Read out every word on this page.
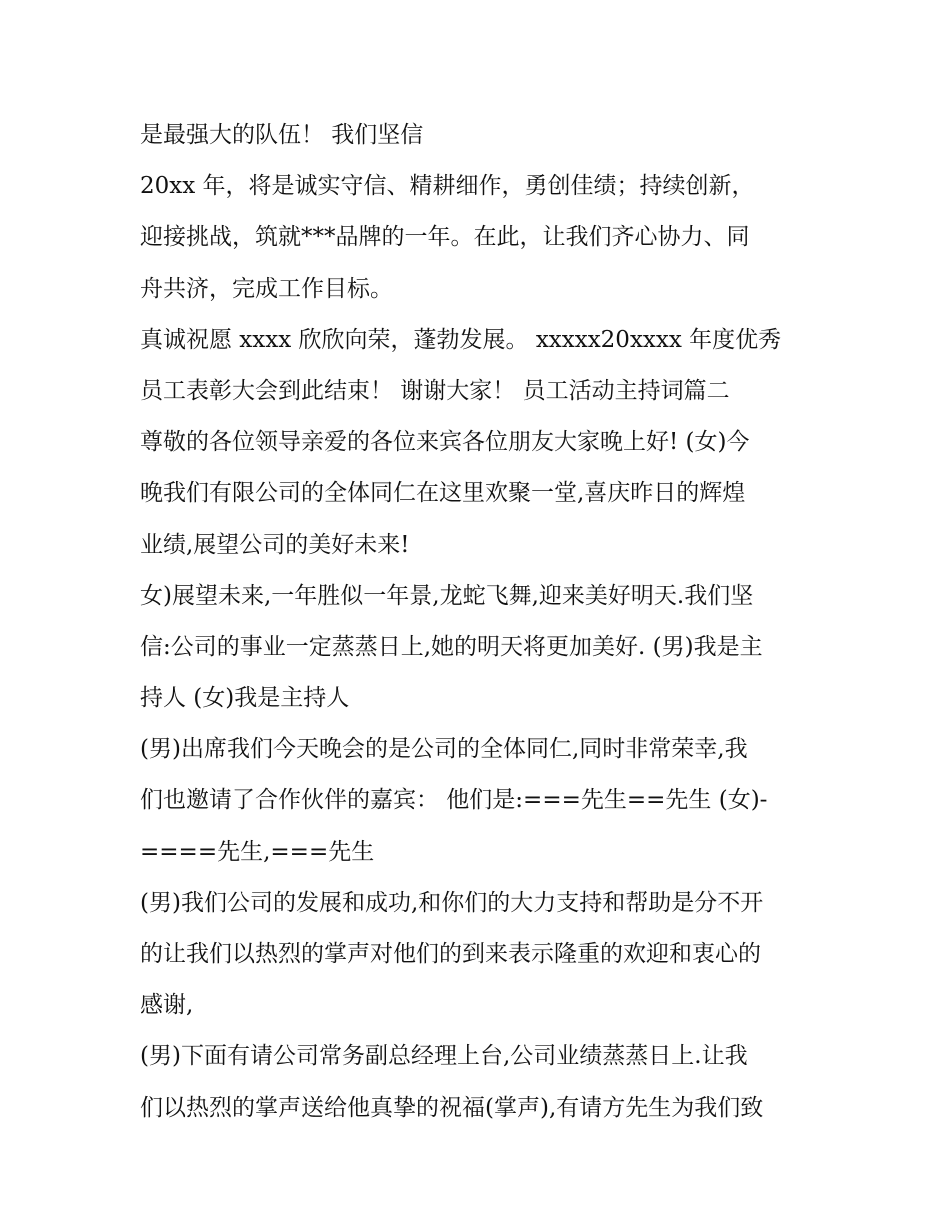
是最强大的队伍！ 我们坚信
20xx 年，将是诚实守信、精耕细作，勇创佳绩；持续创新，
迎接挑战，筑就***品牌的一年。在此，让我们齐心协力、同
舟共济，完成工作目标。
真诚祝愿 xxxx 欣欣向荣，蓬勃发展。 xxxxx20xxxx 年度优秀
员工表彰大会到此结束！ 谢谢大家！ 员工活动主持词篇二
尊敬的各位领导亲爱的各位来宾各位朋友大家晚上好! (女)今
晚我们有限公司的全体同仁在这里欢聚一堂,喜庆昨日的辉煌
业绩,展望公司的美好未来!
女)展望未来,一年胜似一年景,龙蛇飞舞,迎来美好明天.我们坚
信:公司的事业一定蒸蒸日上,她的明天将更加美好. (男)我是主
持人 (女)我是主持人
(男)出席我们今天晚会的是公司的全体同仁,同时非常荣幸,我
们也邀请了合作伙伴的嘉宾： 他们是:===先生==先生 (女)-
====先生,===先生
(男)我们公司的发展和成功,和你们的大力支持和帮助是分不开
的让我们以热烈的掌声对他们的到来表示隆重的欢迎和衷心的
感谢,
(男)下面有请公司常务副总经理上台,公司业绩蒸蒸日上.让我
们以热烈的掌声送给他真挚的祝福(掌声),有请方先生为我们致
